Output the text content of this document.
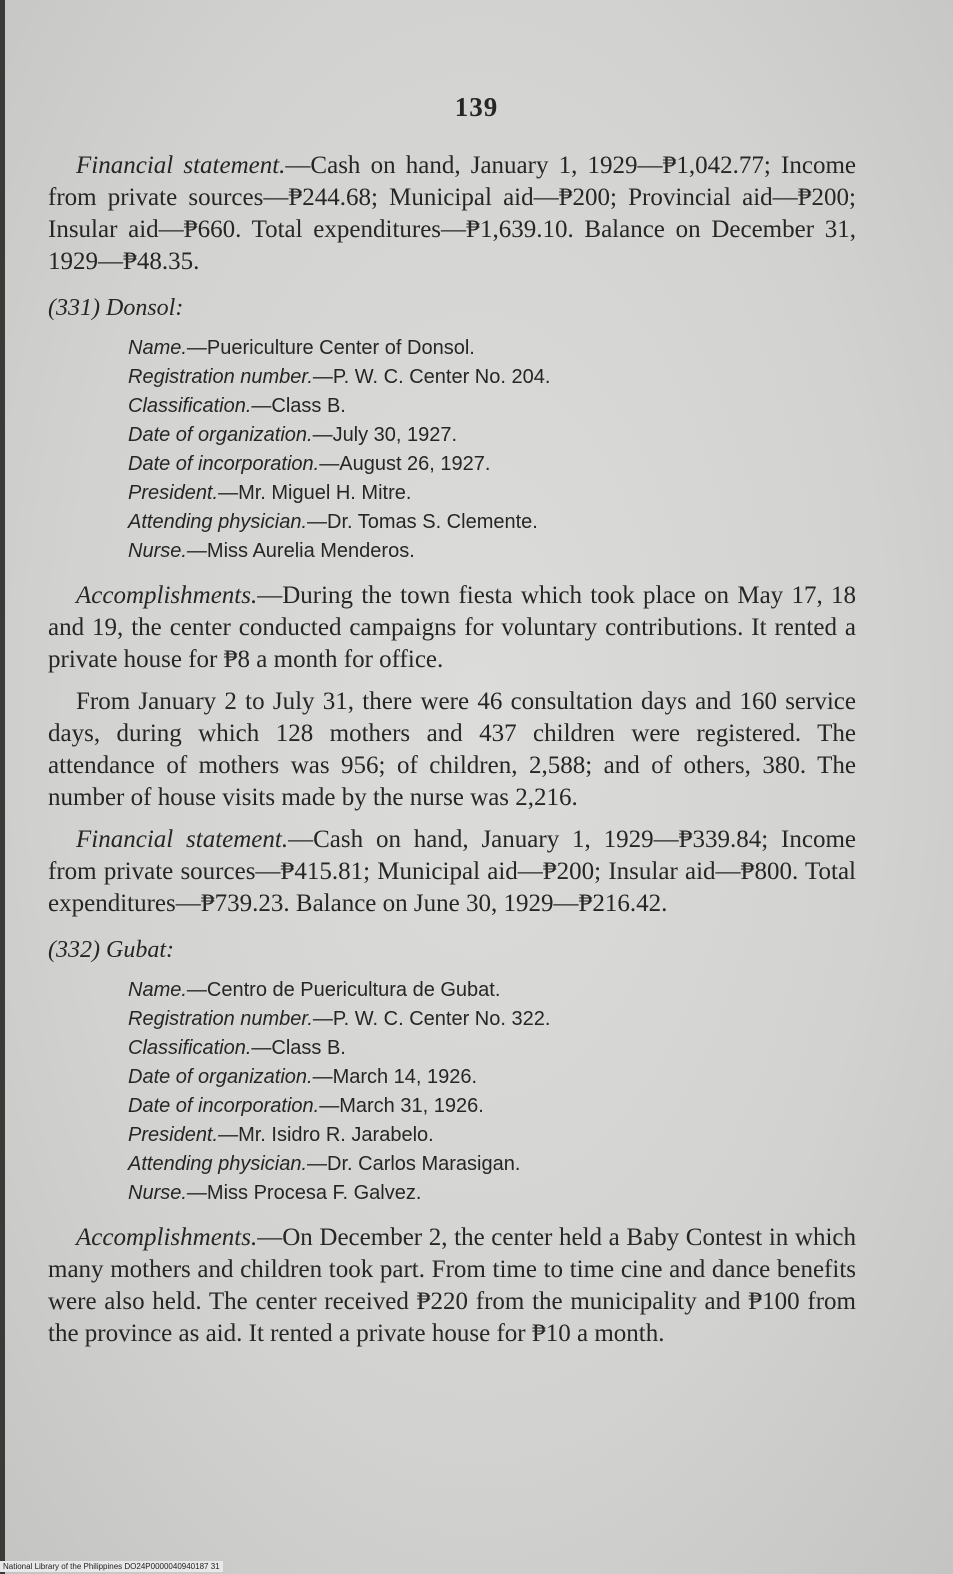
139

Financial statement.—Cash on hand, January 1, 1929—₱1,042.77; Income from private sources—₱244.68; Municipal aid—₱200; Provincial aid—₱200; Insular aid—₱660. Total expenditures—₱1,639.10. Balance on December 31, 1929—₱48.35.

(331) Donsol:
Name.—Puericulture Center of Donsol.
Registration number.—P. W. C. Center No. 204.
Classification.—Class B.
Date of organization.—July 30, 1927.
Date of incorporation.—August 26, 1927.
President.—Mr. Miguel H. Mitre.
Attending physician.—Dr. Tomas S. Clemente.
Nurse.—Miss Aurelia Menderos.

Accomplishments.—During the town fiesta which took place on May 17, 18 and 19, the center conducted campaigns for voluntary contributions. It rented a private house for ₱8 a month for office.

From January 2 to July 31, there were 46 consultation days and 160 service days, during which 128 mothers and 437 children were registered. The attendance of mothers was 956; of children, 2,588; and of others, 380. The number of house visits made by the nurse was 2,216.

Financial statement.—Cash on hand, January 1, 1929—₱339.84; Income from private sources—₱415.81; Municipal aid—₱200; Insular aid—₱800. Total expenditures—₱739.23. Balance on June 30, 1929—₱216.42.

(332) Gubat:
Name.—Centro de Puericultura de Gubat.
Registration number.—P. W. C. Center No. 322.
Classification.—Class B.
Date of organization.—March 14, 1926.
Date of incorporation.—March 31, 1926.
President.—Mr. Isidro R. Jarabelo.
Attending physician.—Dr. Carlos Marasigan.
Nurse.—Miss Procesa F. Galvez.

Accomplishments.—On December 2, the center held a Baby Contest in which many mothers and children took part. From time to time cine and dance benefits were also held. The center received ₱220 from the municipality and ₱100 from the province as aid. It rented a private house for ₱10 a month.

National Library of the Philippines DO24P0000040940187 31
